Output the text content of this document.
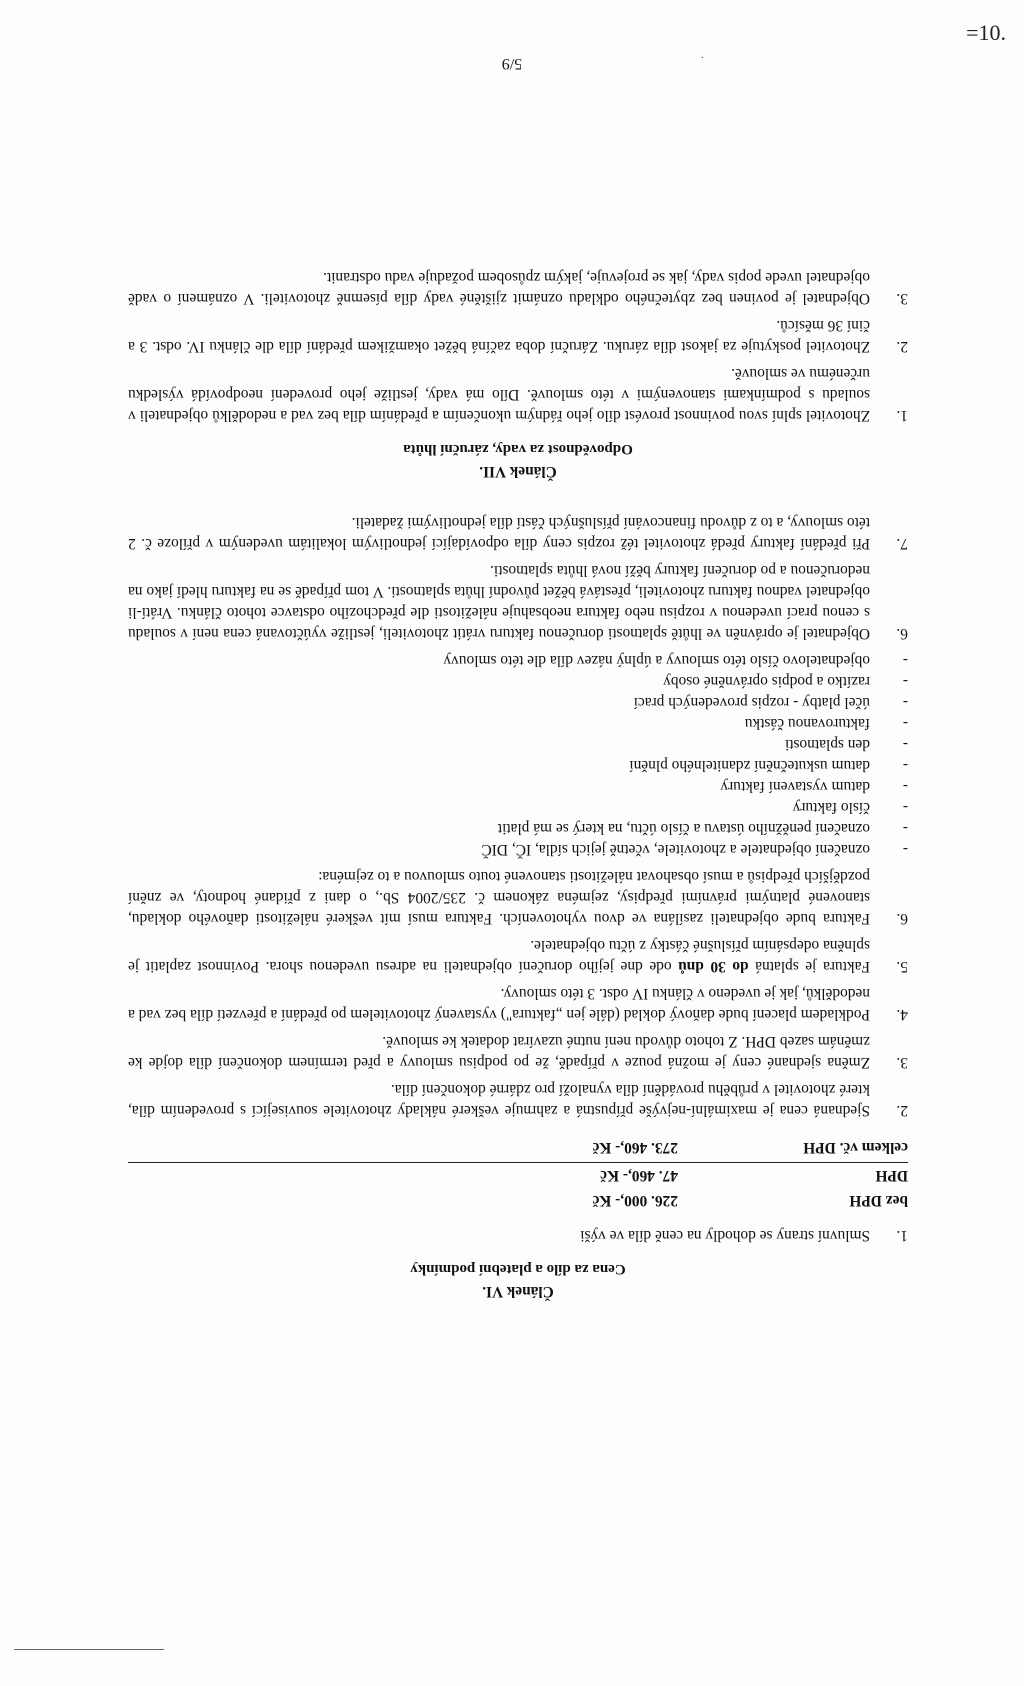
Článek VI.

Cena za dílo a platební podmínky

1.
Smluvní strany se dohodly na ceně díla ve výši
bez DPH	226. 000,- Kč
DPH	47. 460,- Kč
celkem vč. DPH	273. 460,- Kč
2.
Sjednaná cena je maximální-nejvýše přípustná a zahrnuje veškeré náklady zhotovitele související s provedením díla, které zhotovitel v průběhu provádění díla vynaloží pro zdárné dokončení díla.
3.
Změna sjednané ceny je možná pouze v případě, že po podpisu smlouvy a před termínem dokončení díla dojde ke změnám sazeb DPH. Z tohoto důvodu není nutné uzavírat dodatek ke smlouvě.
4.
Podkladem placení bude daňový doklad (dále jen „faktura") vystavený zhotovitelem po předání a převzetí díla bez vad a nedodělků, jak je uvedeno v článku IV odst. 3 této smlouvy.
5.
Faktura je splatná do 30 dnů ode dne jejího doručení objednateli na adresu uvedenou shora. Povinnost zaplatit je splněna odepsáním příslušné částky z účtu objednatele.
6.
Faktura bude objednateli zasílána ve dvou vyhotoveních. Faktura musí mít veškeré náležitosti daňového dokladu, stanovené platnými právními předpisy, zejména zákonem č. 235/2004 Sb., o dani z přidané hodnoty, ve znění pozdějších předpisů a musí obsahovat náležitosti stanovené touto smlouvou a to zejména:
- označení objednatele a zhotovitele, včetně jejich sídla, IČ, DIČ
- označení peněžního ústavu a číslo účtu, na který se má platit
- číslo faktury
- datum vystavení faktury
- datum uskutečnění zdanitelného plnění
- den splatnosti
- fakturovanou částku
- účel platby - rozpis provedených prací
- razítko a podpis oprávněné osoby
- objednatelovo číslo této smlouvy a úplný název díla dle této smlouvy
6.
Objednatel je oprávněn ve lhůtě splatnosti doručenou fakturu vrátit zhotoviteli, jestliže vyúčtovaná cena není v souladu s cenou prací uvedenou v rozpisu nebo faktura neobsahuje náležitosti dle předchozího odstavce tohoto článku. Vrátí-li objednatel vadnou fakturu zhotoviteli, přestává běžet původní lhůta splatnosti. V tom případě se na fakturu hledí jako na nedoručenou a po doručení faktury běží nová lhůta splatnosti.
7.
Při předání faktury předá zhotovitel též rozpis ceny díla odpovídající jednotlivým lokalitám uvedeným v příloze č. 2 této smlouvy, a to z důvodu financování příslušných částí díla jednotlivými žadateli.

Článek VII.

Odpovědnost za vady, záruční lhůta

1.
Zhotovitel splní svou povinnost provést dílo jeho řádným ukončením a předáním díla bez vad a nedodělků objednateli v souladu s podmínkami stanovenými v této smlouvě. Dílo má vady, jestliže jeho provedení neodpovídá výsledku určenému ve smlouvě.
2.
Zhotovitel poskytuje za jakost díla záruku. Záruční doba začíná běžet okamžikem předání díla dle článku IV. odst. 3 a činí 36 měsíců.
3.
Objednatel je povinen bez zbytečného odkladu oznámit zjištěné vady díla písemně zhotoviteli. V oznámení o vadě objednatel uvede popis vady, jak se projevuje, jakým způsobem požaduje vadu odstranit.
5/9	·
=10.
